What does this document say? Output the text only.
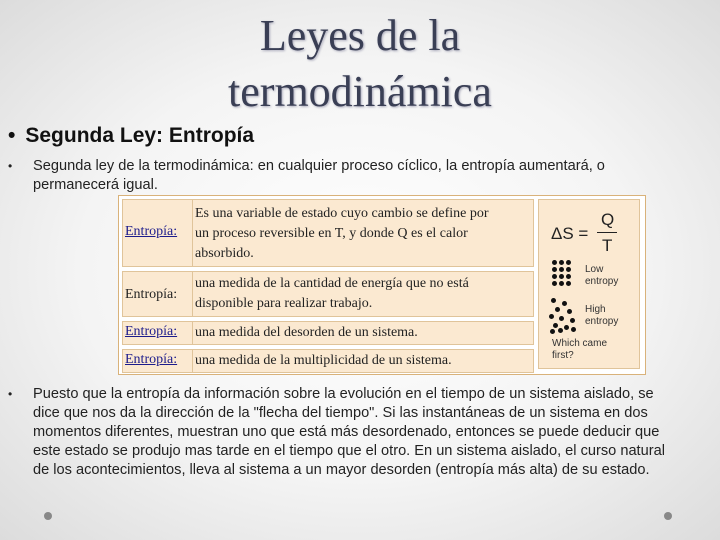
Leyes de la
termodinámica
• Segunda Ley: Entropía
• Segunda ley de la termodinámica: en cualquier proceso cíclico, la entropía aumentará, o permanecerá igual.
Entropía:
Es una variable de estado cuyo cambio se define por
un proceso reversible en T, y donde Q es el calor
absorbido.
Entropía:
una medida de la cantidad de energía que no está
disponible para realizar trabajo.
Entropía: una medida del desorden de un sistema.
Entropía: una medida de la multiplicidad de un sistema.
ΔS =
Q
T
Low
entropy
High
entropy
Which came
first?
• Puesto que la entropía da información sobre la evolución en el tiempo de un sistema aislado, se dice que nos da la dirección de la "flecha del tiempo". Si las instantáneas de un sistema en dos momentos diferentes, muestran uno que está más desordenado, entonces se puede deducir que este estado se produjo mas tarde en el tiempo que el otro. En un sistema aislado, el curso natural de los acontecimientos, lleva al sistema a un mayor desorden (entropía más alta) de su estado.
